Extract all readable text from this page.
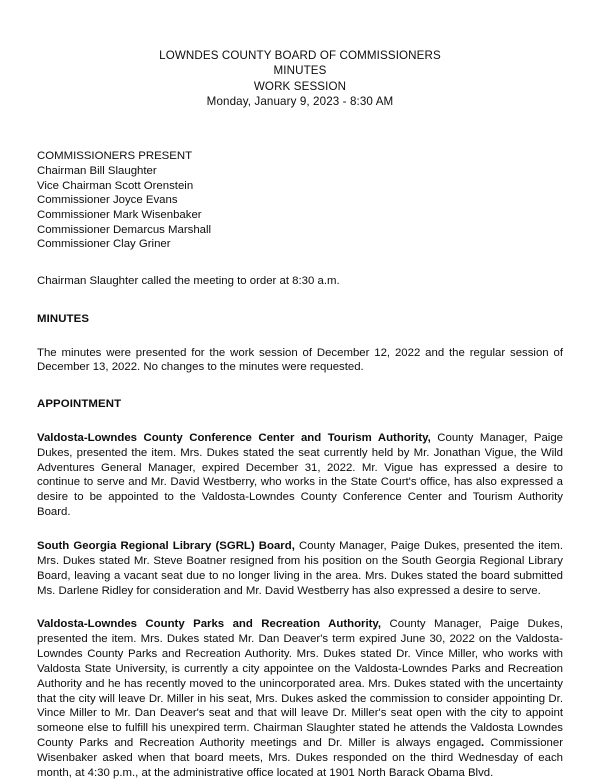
LOWNDES COUNTY BOARD OF COMMISSIONERS
MINUTES
WORK SESSION
Monday, January 9, 2023 - 8:30 AM
COMMISSIONERS PRESENT
Chairman Bill Slaughter
Vice Chairman Scott Orenstein
Commissioner Joyce Evans
Commissioner Mark Wisenbaker
Commissioner Demarcus Marshall
Commissioner Clay Griner
Chairman Slaughter called the meeting to order at 8:30 a.m.
MINUTES
The minutes were presented for the work session of December 12, 2022 and the regular session of December 13, 2022. No changes to the minutes were requested.
APPOINTMENT
Valdosta-Lowndes County Conference Center and Tourism Authority, County Manager, Paige Dukes, presented the item. Mrs. Dukes stated the seat currently held by Mr. Jonathan Vigue, the Wild Adventures General Manager, expired December 31, 2022. Mr. Vigue has expressed a desire to continue to serve and Mr. David Westberry, who works in the State Court's office, has also expressed a desire to be appointed to the Valdosta-Lowndes County Conference Center and Tourism Authority Board.
South Georgia Regional Library (SGRL) Board, County Manager, Paige Dukes, presented the item. Mrs. Dukes stated Mr. Steve Boatner resigned from his position on the South Georgia Regional Library Board, leaving a vacant seat due to no longer living in the area. Mrs. Dukes stated the board submitted Ms. Darlene Ridley for consideration and Mr. David Westberry has also expressed a desire to serve.
Valdosta-Lowndes County Parks and Recreation Authority, County Manager, Paige Dukes, presented the item. Mrs. Dukes stated Mr. Dan Deaver's term expired June 30, 2022 on the Valdosta-Lowndes County Parks and Recreation Authority. Mrs. Dukes stated Dr. Vince Miller, who works with Valdosta State University, is currently a city appointee on the Valdosta-Lowndes Parks and Recreation Authority and he has recently moved to the unincorporated area. Mrs. Dukes stated with the uncertainty that the city will leave Dr. Miller in his seat, Mrs. Dukes asked the commission to consider appointing Dr. Vince Miller to Mr. Dan Deaver's seat and that will leave Dr. Miller's seat open with the city to appoint someone else to fulfill his unexpired term. Chairman Slaughter stated he attends the Valdosta Lowndes County Parks and Recreation Authority meetings and Dr. Miller is always engaged. Commissioner Wisenbaker asked when that board meets, Mrs. Dukes responded on the third Wednesday of each month, at 4:30 p.m., at the administrative office located at 1901 North Barack Obama Blvd.
